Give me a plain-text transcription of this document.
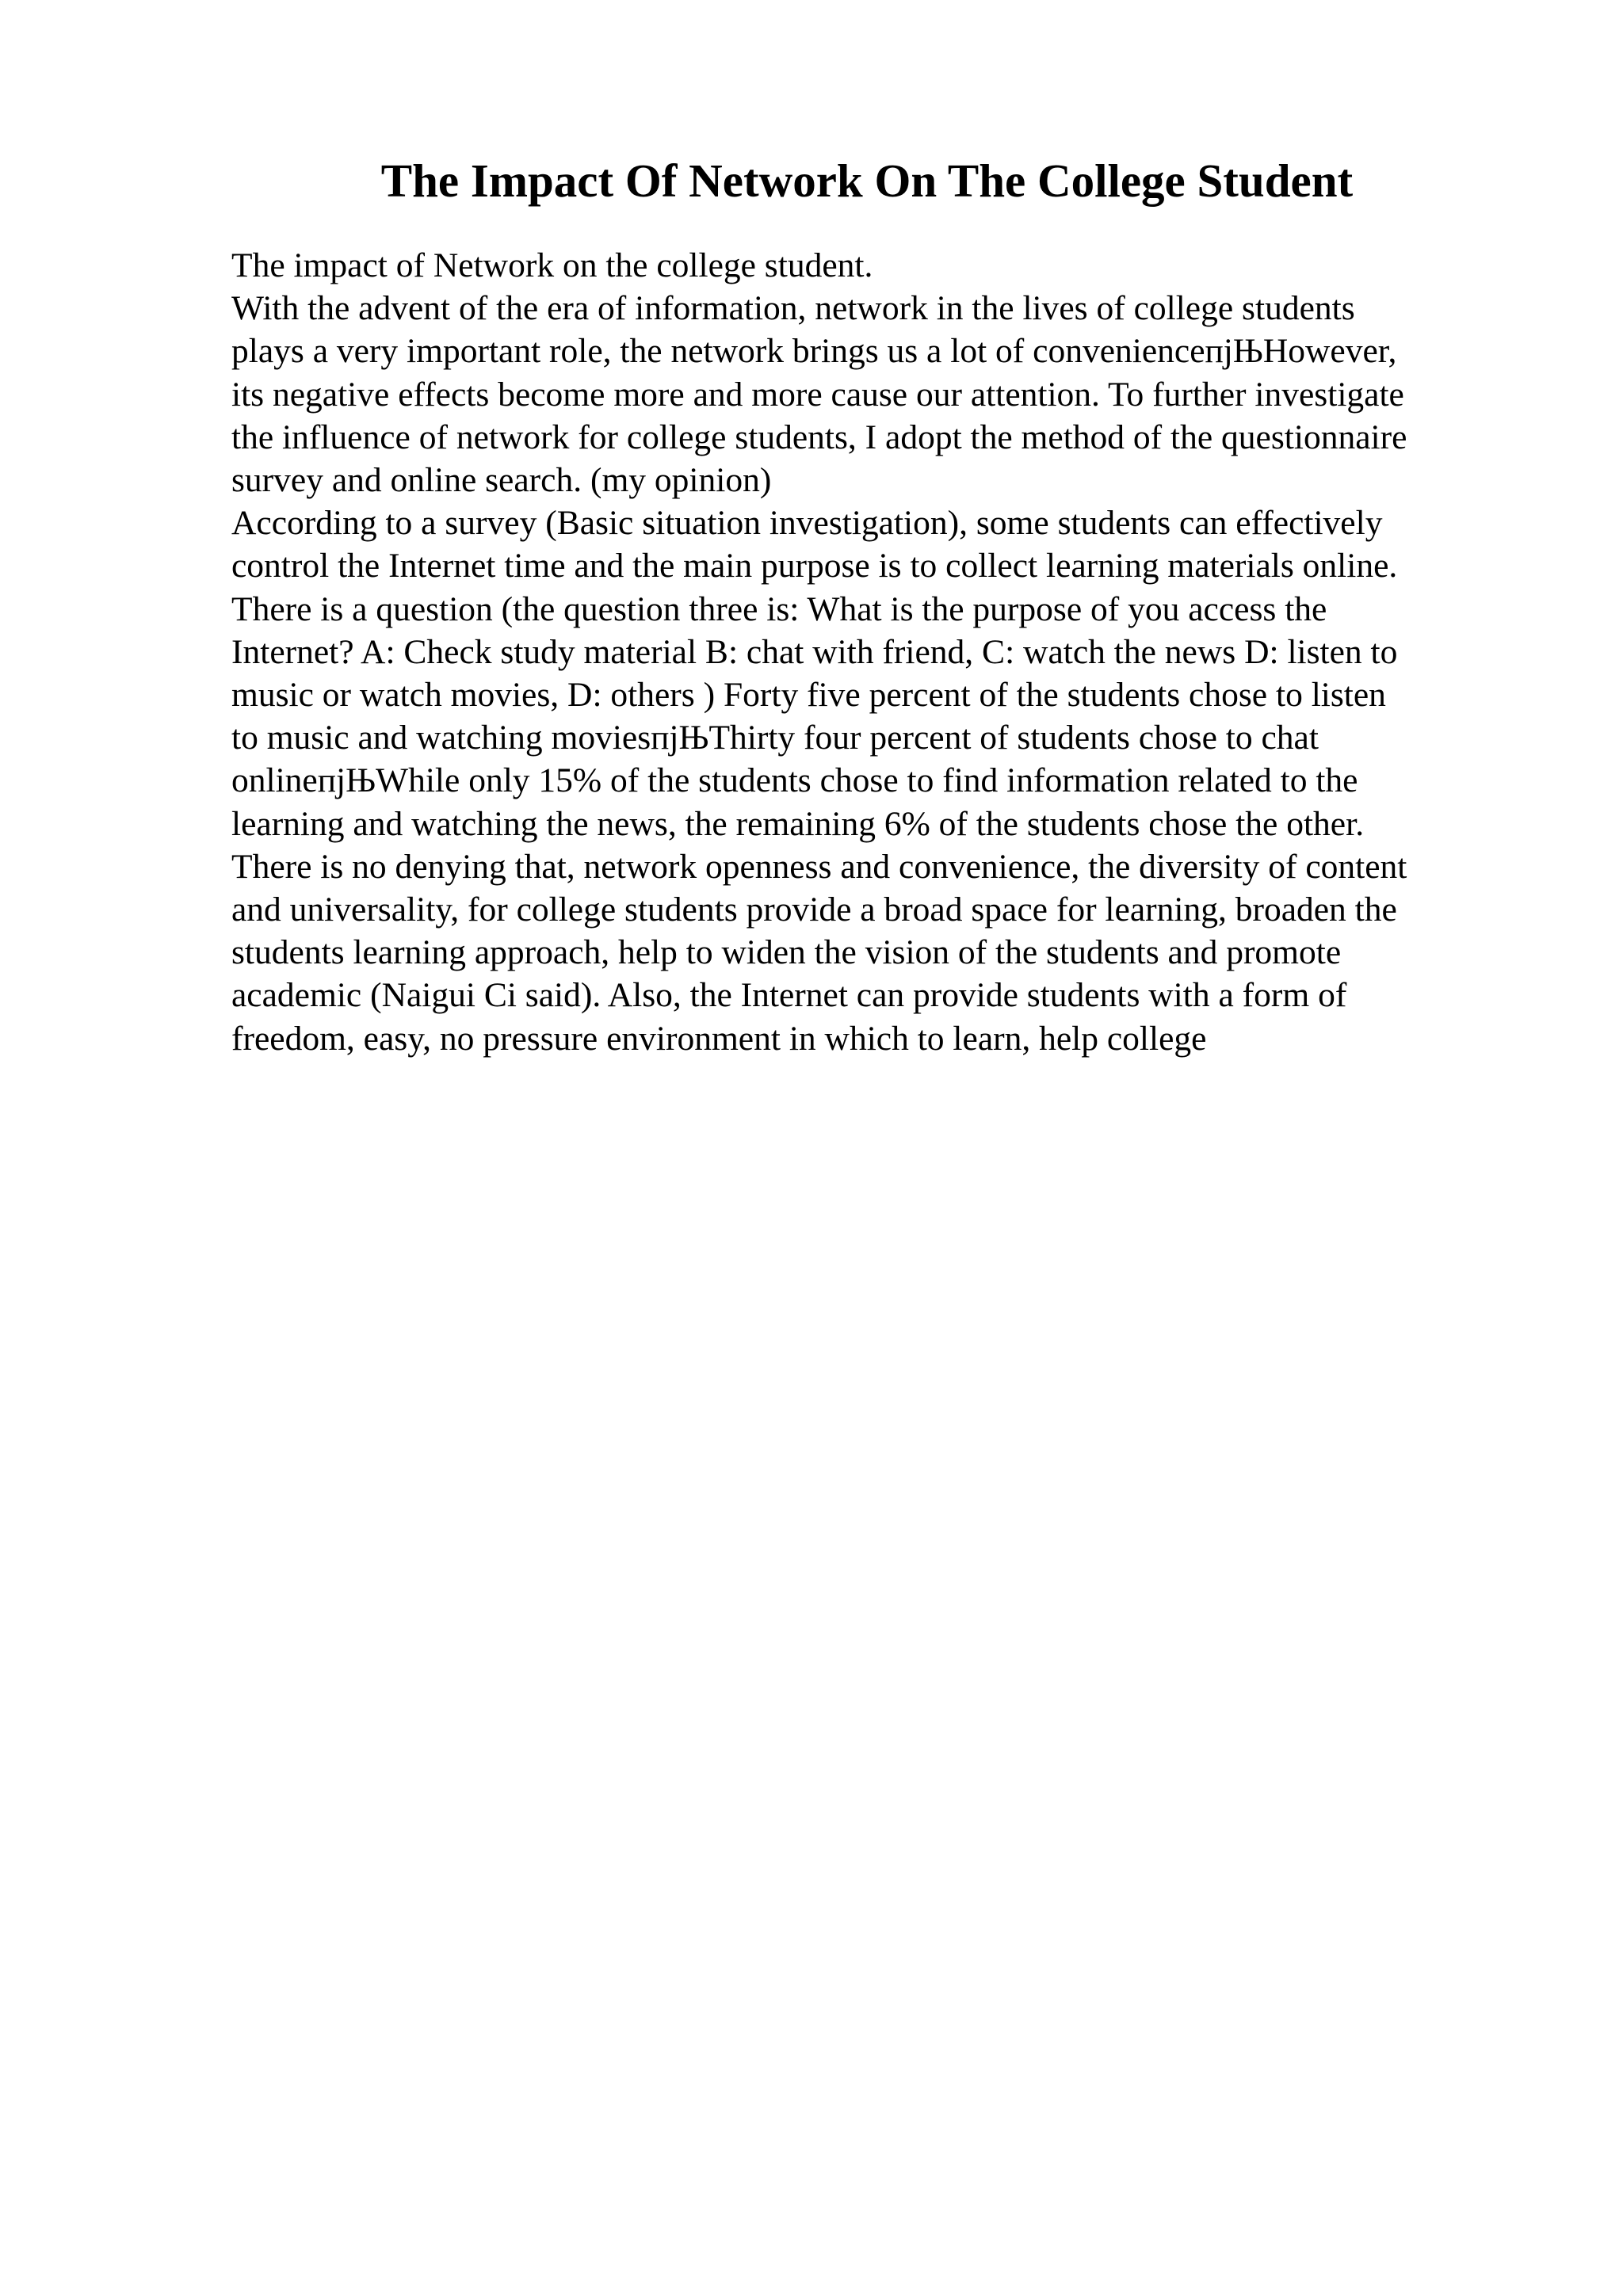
The Impact Of Network On The College Student
The impact of Network on the college student.
With the advent of the era of information, network in the lives of college students
plays a very important role, the network brings us a lot of convenienceпјЊHowever,
its negative effects become more and more cause our attention. To further investigate
the influence of network for college students, I adopt the method of the questionnaire
survey and online search. (my opinion)
According to a survey (Basic situation investigation), some students can effectively
control the Internet time and the main purpose is to collect learning materials online.
There is a question (the question three is: What is the purpose of you access the
Internet? A: Check study material B: chat with friend, C: watch the news D: listen to
music or watch movies, D: others ) Forty five percent of the students chose to listen
to music and watching moviesпјЊThirty four percent of students chose to chat
onlineпјЊWhile only 15% of the students chose to find information related to the
learning and watching the news, the remaining 6% of the students chose the other.
There is no denying that, network openness and convenience, the diversity of content
and universality, for college students provide a broad space for learning, broaden the
students learning approach, help to widen the vision of the students and promote
academic (Naigui Ci said). Also, the Internet can provide students with a form of
freedom, easy, no pressure environment in which to learn, help college
